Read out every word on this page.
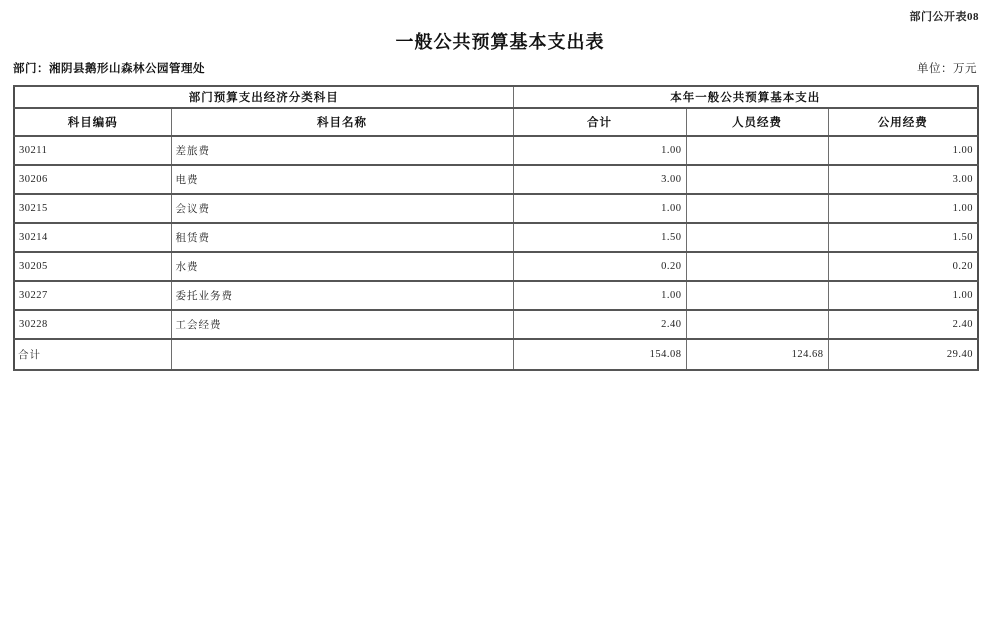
部门公开表08
一般公共预算基本支出表
部门：湘阴县鹅形山森林公园管理处	单位：万元
部门预算支出经济分类科目		本年一般公共预算基本支出		
科目编码	科目名称	合计	人员经费	公用经费
30211	差旅费	1.00		1.00
30206	电费	3.00		3.00
30215	会议费	1.00		1.00
30214	租赁费	1.50		1.50
30205	水费	0.20		0.20
30227	委托业务费	1.00		1.00
30228	工会经费	2.40		2.40
合计		154.08	124.68	29.40
